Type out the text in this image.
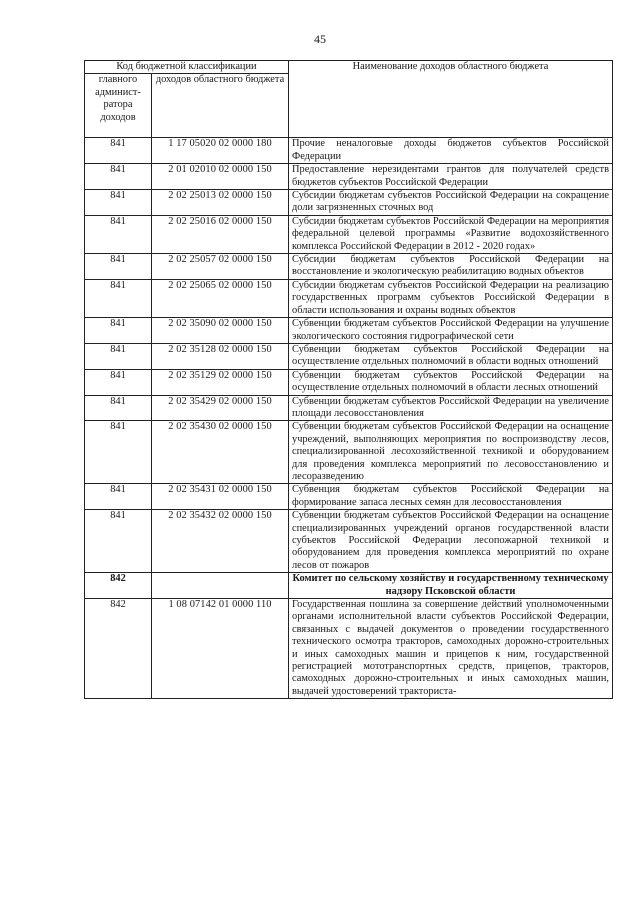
45
Код бюджетной классификации		Наименование доходов областного бюджета
главного админист-ратора доходов	доходов областного бюджета	
841	1 17 05020 02 0000 180	Прочие неналоговые доходы бюджетов субъектов Российской Федерации
841	2 01 02010 02 0000 150	Предоставление нерезидентами грантов для получателей средств бюджетов субъектов Российской Федерации
841	2 02 25013 02 0000 150	Субсидии бюджетам субъектов Российской Федерации на сокращение доли загрязненных сточных вод
841	2 02 25016 02 0000 150	Субсидии бюджетам субъектов Российской Федерации на мероприятия федеральной целевой программы «Развитие водохозяйственного комплекса Российской Федерации в 2012 - 2020 годах»
841	2 02 25057 02 0000 150	Субсидии бюджетам субъектов Российской Федерации на восстановление и экологическую реабилитацию водных объектов
841	2 02 25065 02 0000 150	Субсидии бюджетам субъектов Российской Федерации на реализацию государственных программ субъектов Российской Федерации в области использования и охраны водных объектов
841	2 02 35090 02 0000 150	Субвенции бюджетам субъектов Российской Федерации на улучшение экологического состояния гидрографической сети
841	2 02 35128 02 0000 150	Субвенции бюджетам субъектов Российской Федерации на осуществление отдельных полномочий в области водных отношений
841	2 02 35129 02 0000 150	Субвенции бюджетам субъектов Российской Федерации на осуществление отдельных полномочий в области лесных отношений
841	2 02 35429 02 0000 150	Субвенции бюджетам субъектов Российской Федерации на увеличение площади лесовосстановления
841	2 02 35430 02 0000 150	Субвенции бюджетам субъектов Российской Федерации на оснащение учреждений, выполняющих мероприятия по воспроизводству лесов, специализированной лесохозяйственной техникой и оборудованием для проведения комплекса мероприятий по лесовосстановлению и лесоразведению
841	2 02 35431 02 0000 150	Субвенция бюджетам субъектов Российской Федерации на формирование запаса лесных семян для лесовосстановления
841	2 02 35432 02 0000 150	Субвенции бюджетам субъектов Российской Федерации на оснащение специализированных учреждений органов государственной власти субъектов Российской Федерации лесопожарной техникой и оборудованием для проведения комплекса мероприятий по охране лесов от пожаров
842		Комитет по сельскому хозяйству и государственному техническому надзору Псковской области
842	1 08 07142 01 0000 110	Государственная пошлина за совершение действий уполномоченными органами исполнительной власти субъектов Российской Федерации, связанных с выдачей документов о проведении государственного технического осмотра тракторов, самоходных дорожно-строительных и иных самоходных машин и прицепов к ним, государственной регистрацией мототранспортных средств, прицепов, тракторов, самоходных дорожно-строительных и иных самоходных машин, выдачей удостоверений тракториста-
